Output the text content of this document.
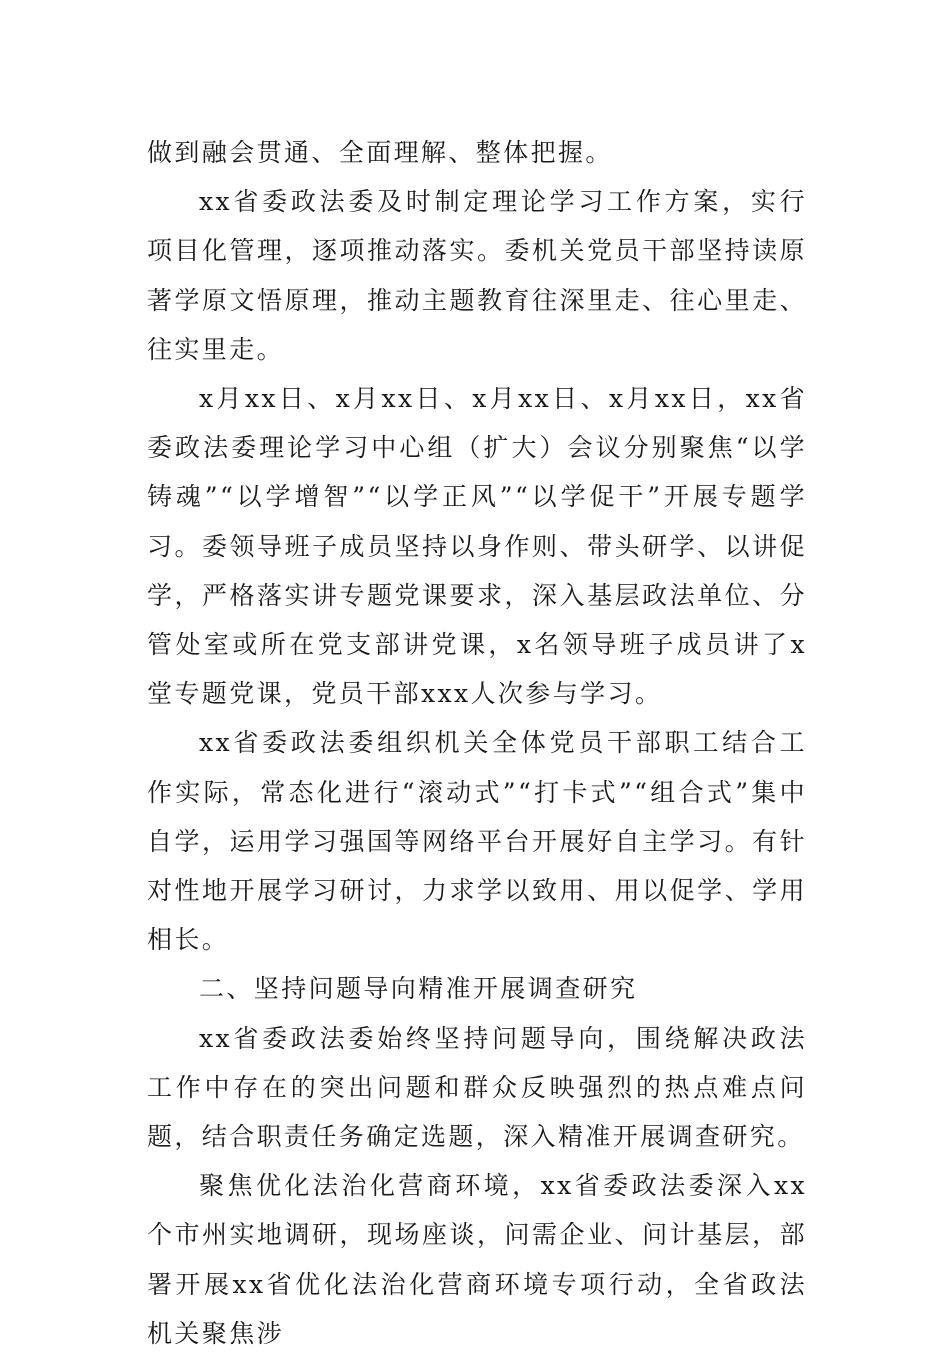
做到融会贯通、全面理解、整体把握。

xx省委政法委及时制定理论学习工作方案，实行项目化管理，逐项推动落实。委机关党员干部坚持读原著学原文悟原理，推动主题教育往深里走、往心里走、往实里走。

x月xx日、x月xx日、x月xx日、x月xx日，xx省委政法委理论学习中心组（扩大）会议分别聚焦“以学铸魂”“以学增智”“以学正风”“以学促干”开展专题学习。委领导班子成员坚持以身作则、带头研学、以讲促学，严格落实讲专题党课要求，深入基层政法单位、分管处室或所在党支部讲党课，x名领导班子成员讲了x堂专题党课，党员干部xxx人次参与学习。

xx省委政法委组织机关全体党员干部职工结合工作实际，常态化进行“滚动式”“打卡式”“组合式”集中自学，运用学习强国等网络平台开展好自主学习。有针对性地开展学习研讨，力求学以致用、用以促学、学用相长。

二、坚持问题导向精准开展调查研究

xx省委政法委始终坚持问题导向，围绕解决政法工作中存在的突出问题和群众反映强烈的热点难点问题，结合职责任务确定选题，深入精准开展调查研究。

聚焦优化法治化营商环境，xx省委政法委深入xx个市州实地调研，现场座谈，问需企业、问计基层，部署开展xx省优化法治化营商环境专项行动，全省政法机关聚焦涉
